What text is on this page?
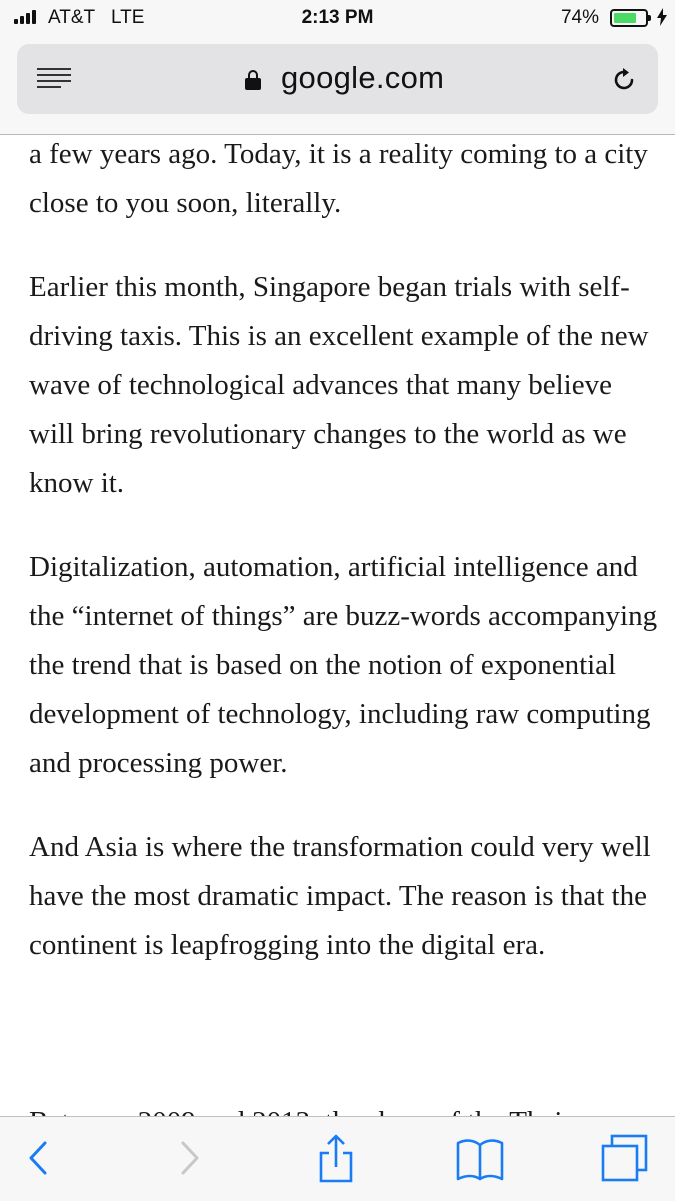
AT&T LTE	2:13 PM	74%
google.com

a few years ago. Today, it is a reality coming to a city close to you soon, literally.

Earlier this month, Singapore began trials with self-driving taxis. This is an excellent example of the new wave of technological advances that many believe will bring revolutionary changes to the world as we know it.

Digitalization, automation, artificial intelligence and the “internet of things” are buzz-words accompanying the trend that is based on the notion of exponential development of technology, including raw computing and processing power.

And Asia is where the transformation could very well have the most dramatic impact. The reason is that the continent is leapfrogging into the digital era.
